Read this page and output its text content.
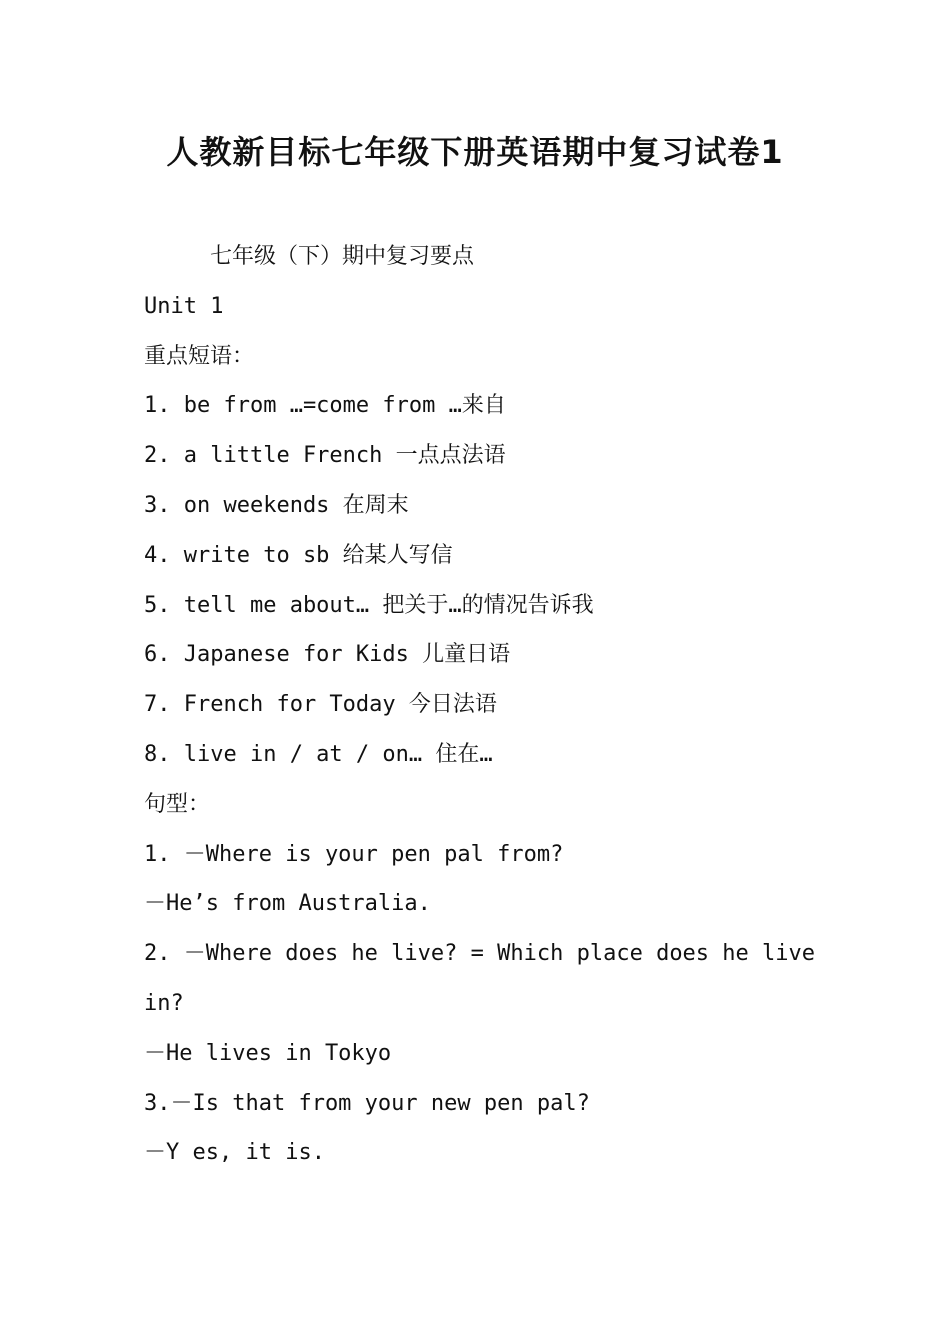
人教新目标七年级下册英语期中复习试卷1
七年级（下）期中复习要点
Unit 1
重点短语：
1. be from …=come from …来自
2. a little French 一点点法语
3. on weekends 在周末
4. write to sb 给某人写信
5. tell me about… 把关于…的情况告诉我
6. Japanese for Kids 儿童日语
7. French for Today 今日法语
8. live in / at / on… 住在…
句型：
1. －Where is your pen pal from?
－He’s from Australia.
2. －Where does he live? = Which place does he live
in?
－He lives in Tokyo
3.－Is that from your new pen pal?
－Y es, it is.
